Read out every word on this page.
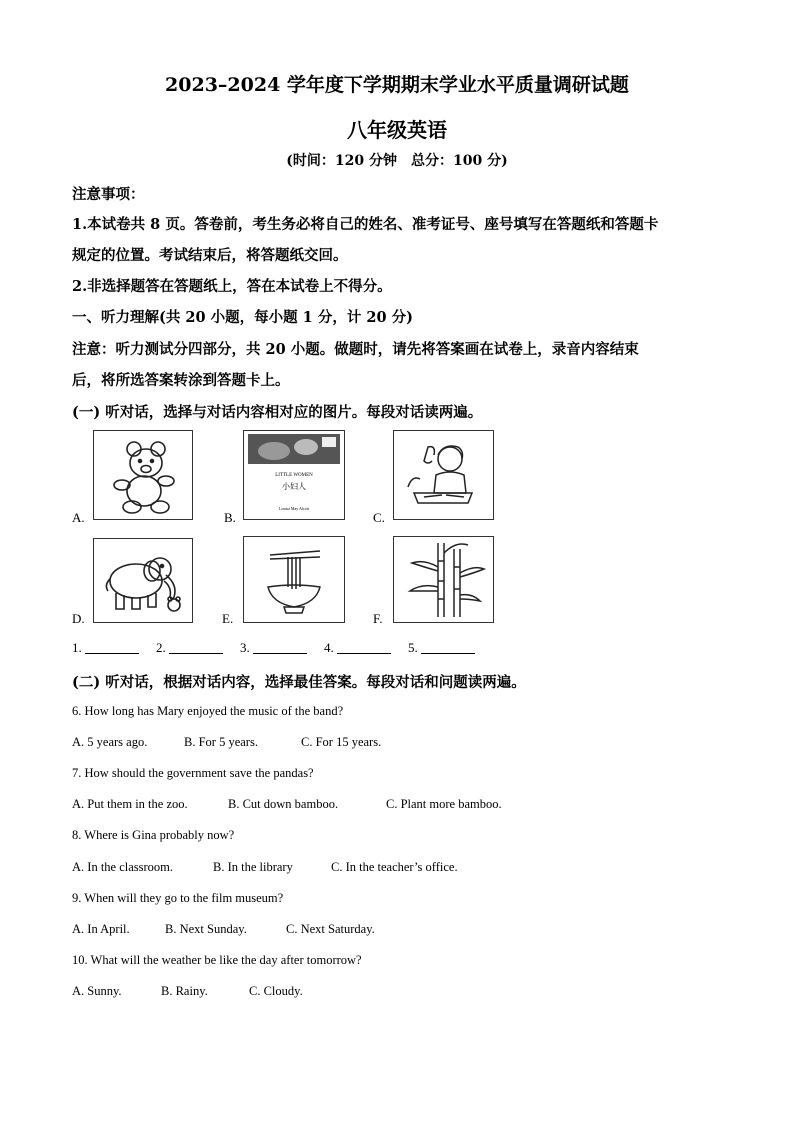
2023–2024 学年度下学期期末学业水平质量调研试题
八年级英语
(时间：120 分钟　总分：100 分)
注意事项：
1.本试卷共 8 页。答卷前，考生务必将自己的姓名、准考证号、座号填写在答题纸和答题卡
规定的位置。考试结束后，将答题纸交回。
2.非选择题答在答题纸上，答在本试卷上不得分。
一、听力理解(共 20 小题，每小题 1 分，计 20 分)
注意：听力测试分四部分，共 20 小题。做题时，请先将答案画在试卷上，录音内容结束
后，将所选答案转涂到答题卡上。
(一) 听对话，选择与对话内容相对应的图片。每段对话读两遍。
A.	B.
LITTLE WOMEN
小妇人
Louisa May Alcott
C.
D.	E.	F.
1.	2.	3.	4.	5.
(二) 听对话，根据对话内容，选择最佳答案。每段对话和问题读两遍。
6. How long has Mary enjoyed the music of the band?
A. 5 years ago.	B. For 5 years.	C. For 15 years.
7. How should the government save the pandas?
A. Put them in the zoo.	B. Cut down bamboo.	C. Plant more bamboo.
8. Where is Gina probably now?
A. In the classroom.	B. In the library	C. In the teacher’s office.
9. When will they go to the film museum?
A. In April.	B. Next Sunday.	C. Next Saturday.
10. What will the weather be like the day after tomorrow?
A. Sunny.	B. Rainy.	C. Cloudy.
